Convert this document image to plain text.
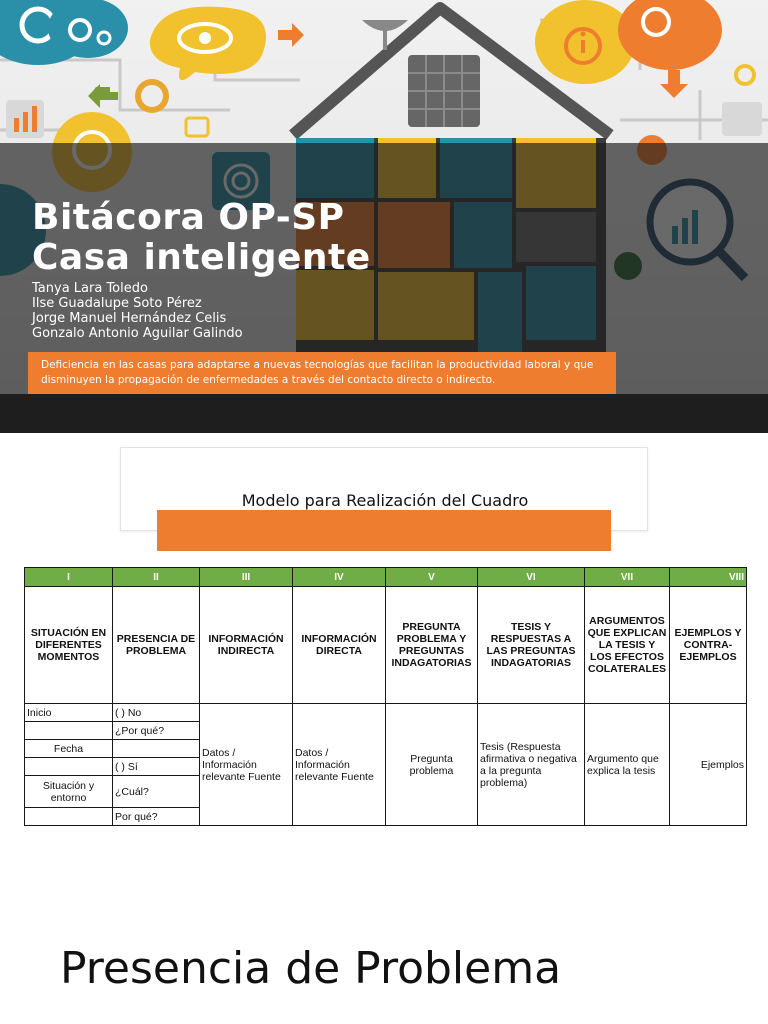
Bitácora OP-SP
Casa inteligente
Tanya Lara Toledo
Ilse Guadalupe Soto Pérez
Jorge Manuel Hernández Celis
Gonzalo Antonio Aguilar Galindo
Deficiencia en las casas para adaptarse a nuevas tecnologías que facilitan la productividad laboral y que
disminuyen la propagación de enfermedades a través del contacto directo o indirecto.
Modelo para Realización del Cuadro
I	II	III	IV	V	VI	VII	VIII
SITUACIÓN EN DIFERENTES MOMENTOS	PRESENCIA DE PROBLEMA	INFORMACIÓN INDIRECTA	INFORMACIÓN DIRECTA	PREGUNTA PROBLEMA Y PREGUNTAS INDAGATORIAS	TESIS Y RESPUESTAS A LAS PREGUNTAS INDAGATORIAS	ARGUMENTOS QUE EXPLICAN LA TESIS Y LOS EFECTOS COLATERALES	EJEMPLOS Y CONTRA-EJEMPLOS
Inicio	( ) No	Datos / Información relevante Fuente	Datos / Información relevante Fuente	Pregunta problema	Tesis (Respuesta afirmativa o negativa a la pregunta problema)	Argumento que explica la tesis	Ejemplos
	¿Por qué?						
Fecha							
	( ) Sí						
Situación y entorno	¿Cuál?						
	Por qué?						
Presencia de Problema
